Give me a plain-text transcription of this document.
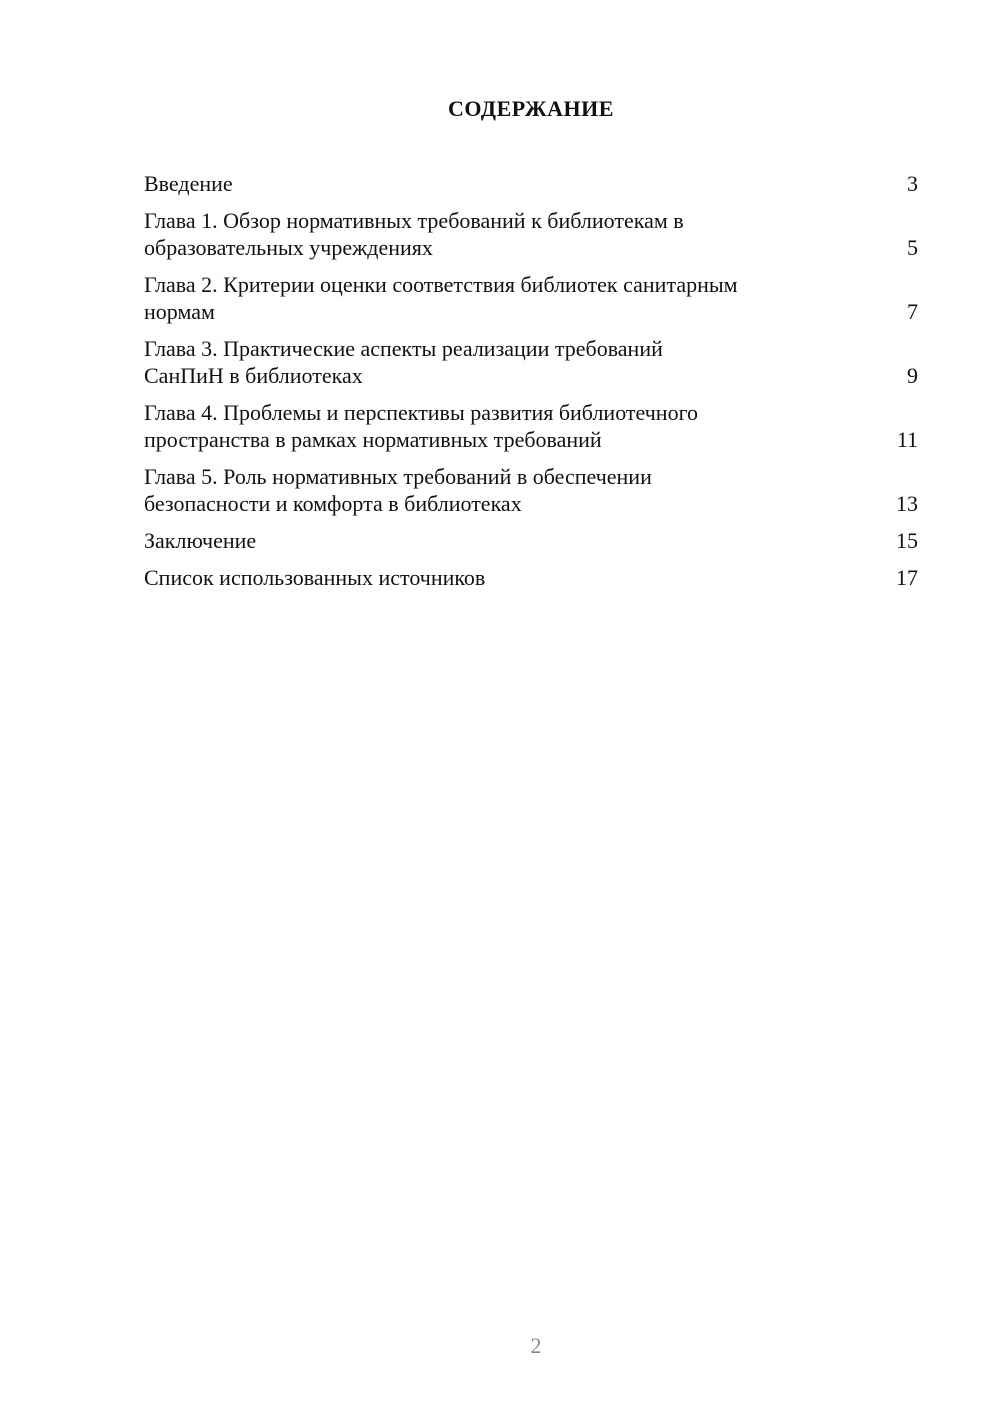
СОДЕРЖАНИЕ
Введение	3
Глава 1. Обзор нормативных требований к библиотекам в
образовательных учреждениях	5
Глава 2. Критерии оценки соответствия библиотек санитарным
нормам	7
Глава 3. Практические аспекты реализации требований
СанПиН в библиотеках	9
Глава 4. Проблемы и перспективы развития библиотечного
пространства в рамках нормативных требований	11
Глава 5. Роль нормативных требований в обеспечении
безопасности и комфорта в библиотеках	13
Заключение	15
Список использованных источников	17
2
